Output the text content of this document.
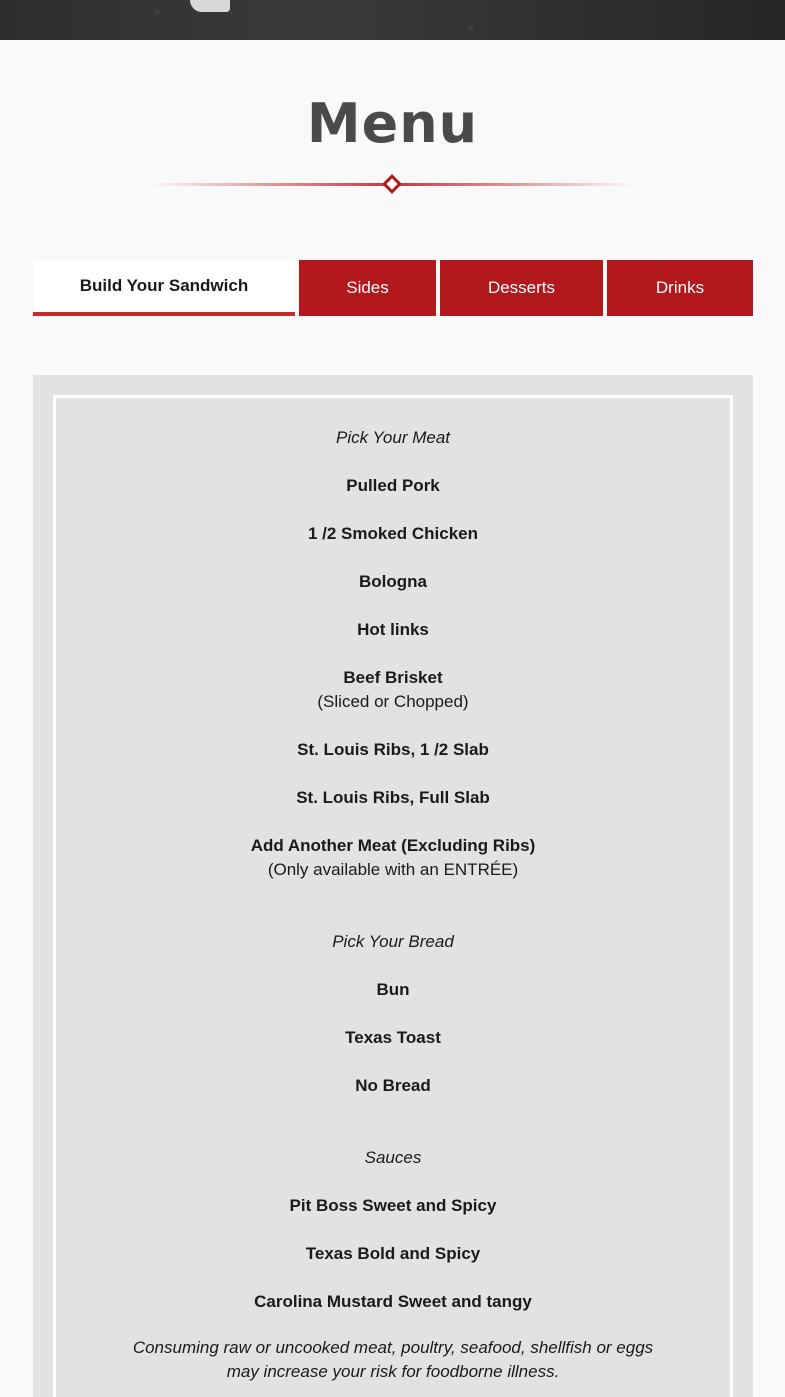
Menu
Build Your Sandwich	Sides	Desserts	Drinks
Pick Your Meat
Pulled Pork
1 /2 Smoked Chicken
Bologna
Hot links
Beef Brisket
(Sliced or Chopped)
St. Louis Ribs, 1 /2 Slab
St. Louis Ribs, Full Slab
Add Another Meat (Excluding Ribs)
(Only available with an ENTRÉE)
Pick Your Bread
Bun
Texas Toast
No Bread
Sauces
Pit Boss Sweet and Spicy
Texas Bold and Spicy
Carolina Mustard Sweet and tangy
Consuming raw or uncooked meat, poultry, seafood, shellfish or eggs
may increase your risk for foodborne illness.
